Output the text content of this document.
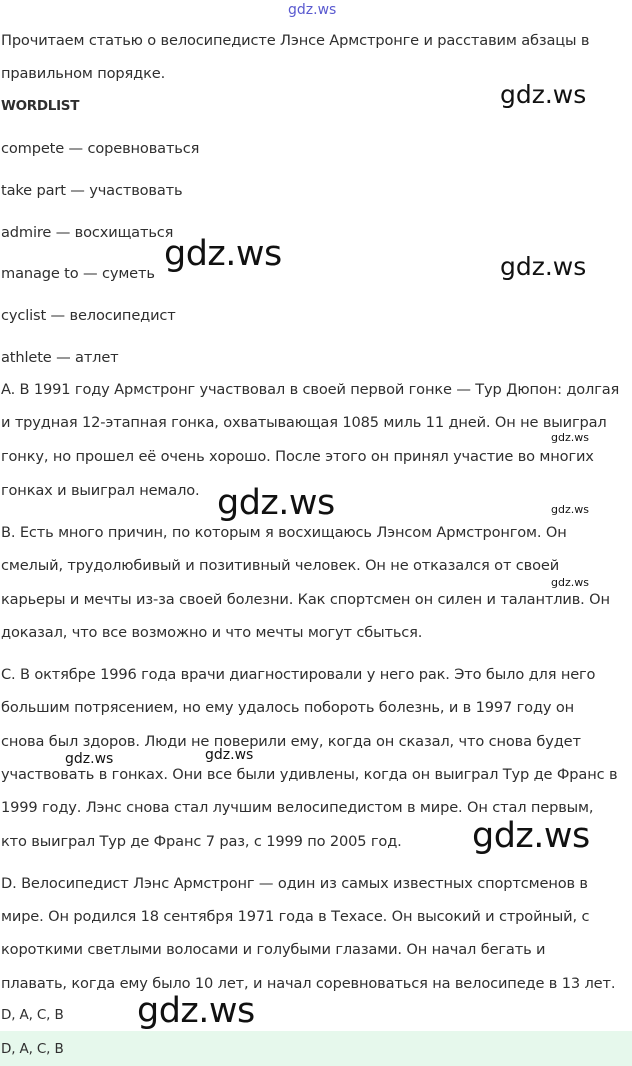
gdz.ws
Прочитаем статью о велосипедисте Лэнсе Армстронге и расставим абзацы в
правильном порядке.
WORDLIST
compete — соревноваться
take part — участвовать
admire — восхищаться
manage to — суметь
cyclist — велосипедист
athlete — атлет
A. В 1991 году Армстронг участвовал в своей первой гонке — Тур Дюпон: долгая
и трудная 12-этапная гонка, охватывающая 1085 миль 11 дней. Он не выиграл
гонку, но прошел её очень хорошо. После этого он принял участие во многих
гонках и выиграл немало.
B. Есть много причин, по которым я восхищаюсь Лэнсом Армстронгом. Он
смелый, трудолюбивый и позитивный человек. Он не отказался от своей
карьеры и мечты из-за своей болезни. Как спортсмен он силен и талантлив. Он
доказал, что все возможно и что мечты могут сбыться.
C. В октябре 1996 года врачи диагностировали у него рак. Это было для него
большим потрясением, но ему удалось побороть болезнь, и в 1997 году он
снова был здоров. Люди не поверили ему, когда он сказал, что снова будет
участвовать в гонках. Они все были удивлены, когда он выиграл Тур де Франс в
1999 году. Лэнс снова стал лучшим велосипедистом в мире. Он стал первым,
кто выиграл Тур де Франс 7 раз, с 1999 по 2005 год.
D. Велосипедист Лэнс Армстронг — один из самых известных спортсменов в
мире. Он родился 18 сентября 1971 года в Техасе. Он высокий и стройный, с
короткими светлыми волосами и голубыми глазами. Он начал бегать и
плавать, когда ему было 10 лет, и начал соревноваться на велосипеде в 13 лет.
D, A, C, B
D, A, C, B
gdz.ws
gdz.ws	gdz.ws
gdz.ws
gdz.ws	gdz.ws
gdz.ws
gdz.ws	gdz.ws
gdz.ws
gdz.ws
